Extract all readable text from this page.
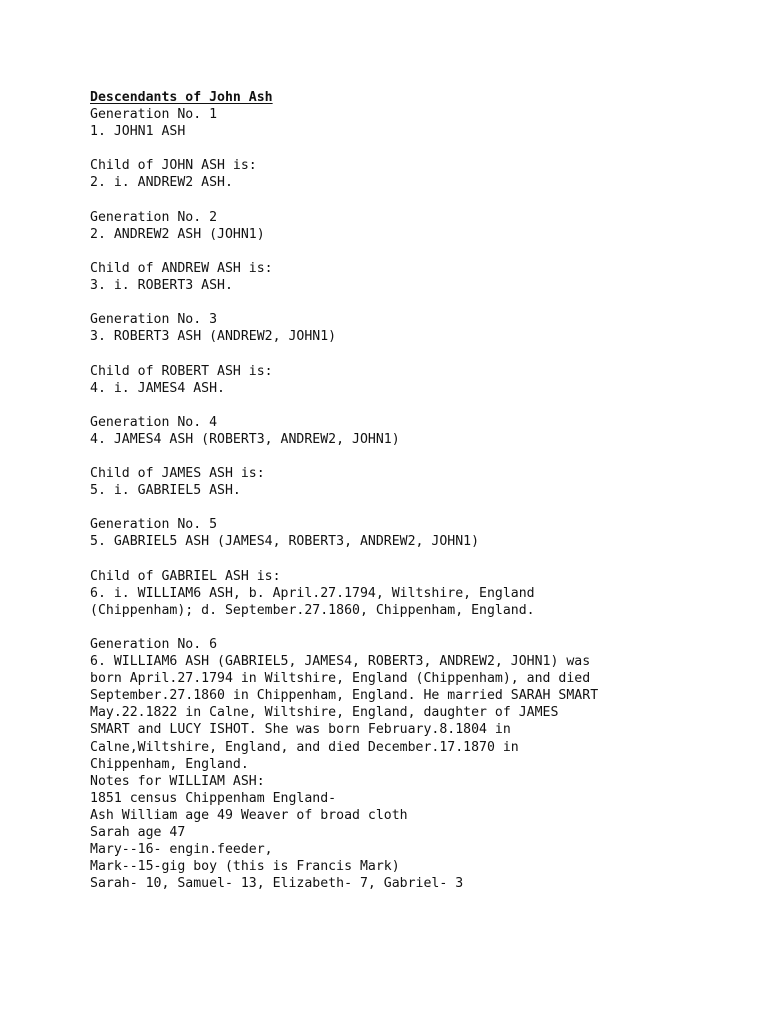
Descendants of John Ash
Generation No. 1
1. JOHN1 ASH
Child of JOHN ASH is:
2. i. ANDREW2 ASH.
Generation No. 2
2. ANDREW2 ASH (JOHN1)
Child of ANDREW ASH is:
3. i. ROBERT3 ASH.
Generation No. 3
3. ROBERT3 ASH (ANDREW2, JOHN1)
Child of ROBERT ASH is:
4. i. JAMES4 ASH.
Generation No. 4
4. JAMES4 ASH (ROBERT3, ANDREW2, JOHN1)
Child of JAMES ASH is:
5. i. GABRIEL5 ASH.
Generation No. 5
5. GABRIEL5 ASH (JAMES4, ROBERT3, ANDREW2, JOHN1)
Child of GABRIEL ASH is:
6. i. WILLIAM6 ASH, b. April.27.1794, Wiltshire, England
(Chippenham); d. September.27.1860, Chippenham, England.
Generation No. 6
6. WILLIAM6 ASH (GABRIEL5, JAMES4, ROBERT3, ANDREW2, JOHN1) was
born April.27.1794 in Wiltshire, England (Chippenham), and died
September.27.1860 in Chippenham, England. He married SARAH SMART
May.22.1822 in Calne, Wiltshire, England, daughter of JAMES
SMART and LUCY ISHOT. She was born February.8.1804 in
Calne,Wiltshire, England, and died December.17.1870 in
Chippenham, England.
Notes for WILLIAM ASH:
1851 census Chippenham England-
Ash William age 49 Weaver of broad cloth
Sarah age 47
Mary--16- engin.feeder,
Mark--15-gig boy (this is Francis Mark)
Sarah- 10, Samuel- 13, Elizabeth- 7, Gabriel- 3
